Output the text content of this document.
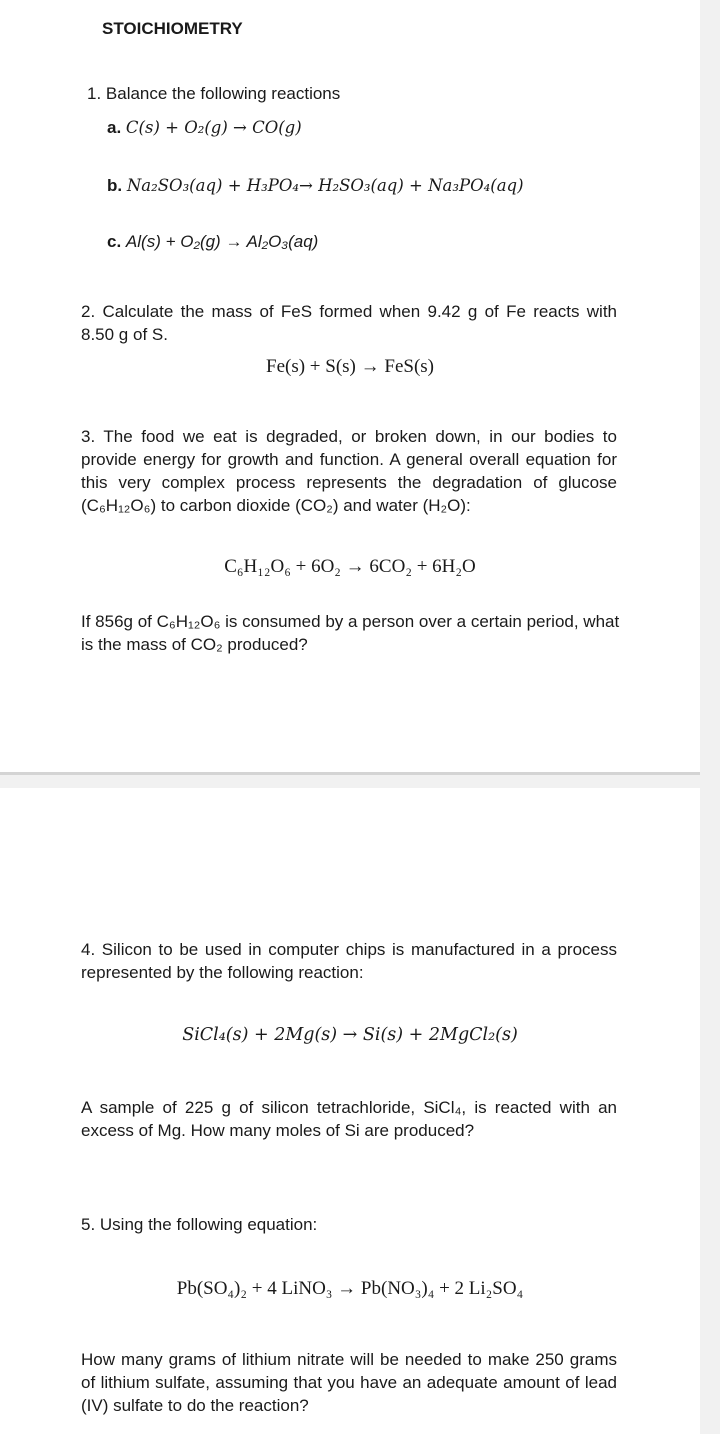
STOICHIOMETRY
1. Balance the following reactions
a. C(s) + O₂(g) → CO(g)
b. Na₂SO₃(aq) + H₃PO₄→ H₂SO₃(aq) + Na₃PO₄(aq)
c. Al(s) + O₂(g) → Al₂O₃(aq)
2. Calculate the mass of FeS formed when 9.42 g of Fe reacts with 8.50 g of S.
Fe(s) + S(s) → FeS(s)
3. The food we eat is degraded, or broken down, in our bodies to provide energy for growth and function. A general overall equation for this very complex process represents the degradation of glucose (C₆H₁₂O₆) to carbon dioxide (CO₂) and water (H₂O):
C₆H₁₂O₆ + 6O₂ → 6CO₂ + 6H₂O
If 856g of C₆H₁₂O₆ is consumed by a person over a certain period, what is the mass of CO₂ produced?
4. Silicon to be used in computer chips is manufactured in a process represented by the following reaction:
SiCl₄(s) + 2Mg(s) → Si(s) + 2MgCl₂(s)
A sample of 225 g of silicon tetrachloride, SiCl₄, is reacted with an excess of Mg. How many moles of Si are produced?
5. Using the following equation:
Pb(SO₄)₂ + 4 LiNO₃ → Pb(NO₃)₄ + 2 Li₂SO₄
How many grams of lithium nitrate will be needed to make 250 grams of lithium sulfate, assuming that you have an adequate amount of lead (IV) sulfate to do the reaction?
